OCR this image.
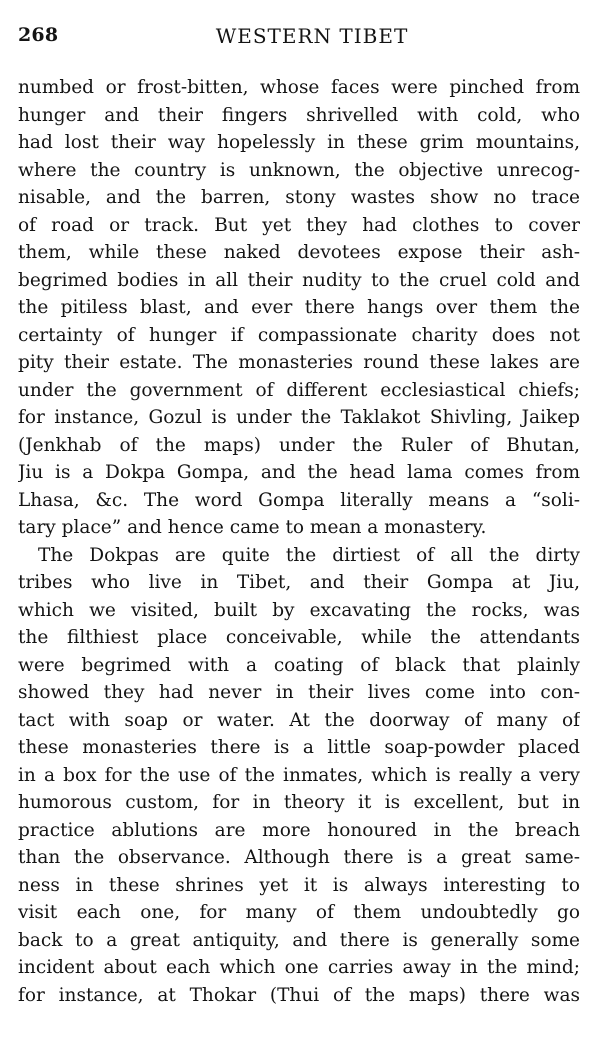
268	WESTERN TIBET
numbed or frost-bitten, whose faces were pinched from
hunger and their fingers shrivelled with cold, who
had lost their way hopelessly in these grim mountains,
where the country is unknown, the objective unrecog-
nisable, and the barren, stony wastes show no trace
of road or track. But yet they had clothes to cover
them, while these naked devotees expose their ash-
begrimed bodies in all their nudity to the cruel cold and
the pitiless blast, and ever there hangs over them the
certainty of hunger if compassionate charity does not
pity their estate. The monasteries round these lakes are
under the government of different ecclesiastical chiefs;
for instance, Gozul is under the Taklakot Shivling, Jaikep
(Jenkhab of the maps) under the Ruler of Bhutan,
Jiu is a Dokpa Gompa, and the head lama comes from
Lhasa, &c. The word Gompa literally means a “soli-
tary place” and hence came to mean a monastery.
The Dokpas are quite the dirtiest of all the dirty
tribes who live in Tibet, and their Gompa at Jiu,
which we visited, built by excavating the rocks, was
the filthiest place conceivable, while the attendants
were begrimed with a coating of black that plainly
showed they had never in their lives come into con-
tact with soap or water. At the doorway of many of
these monasteries there is a little soap-powder placed
in a box for the use of the inmates, which is really a very
humorous custom, for in theory it is excellent, but in
practice ablutions are more honoured in the breach
than the observance. Although there is a great same-
ness in these shrines yet it is always interesting to
visit each one, for many of them undoubtedly go
back to a great antiquity, and there is generally some
incident about each which one carries away in the mind;
for instance, at Thokar (Thui of the maps) there was
